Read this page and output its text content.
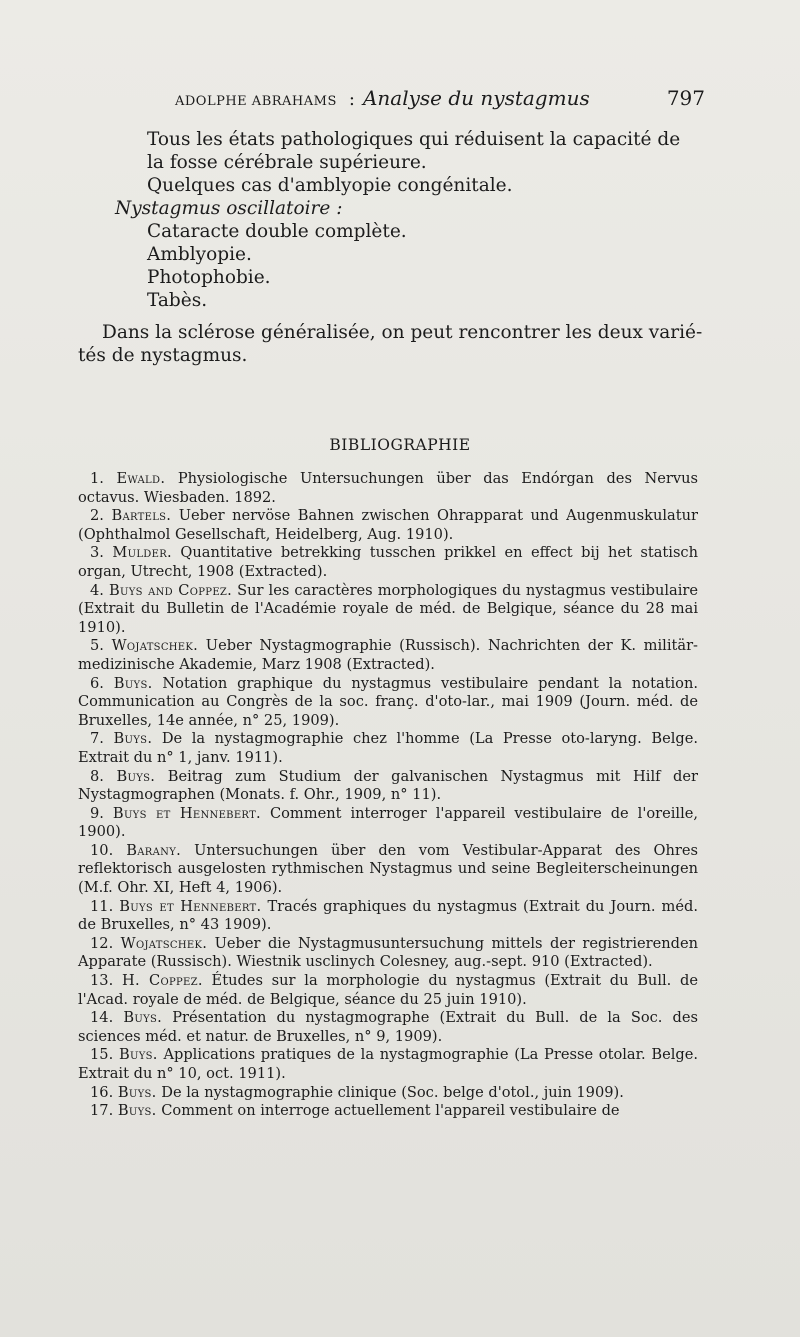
ADOLPHE ABRAHAMS : Analyse du nystagmus	797
Tous les états pathologiques qui réduisent la capacité de
la fosse cérébrale supérieure.
Quelques cas d'amblyopie congénitale.
Nystagmus oscillatoire :
Cataracte double complète.
Amblyopie.
Photophobie.
Tabès.
Dans la sclérose généralisée, on peut rencontrer les deux varié-
tés de nystagmus.
BIBLIOGRAPHIE

1. Ewald. Physiologische Untersuchungen über das Endórgan des Nervus octavus. Wiesbaden. 1892.

2. Bartels. Ueber nervöse Bahnen zwischen Ohrapparat und Augenmuskulatur (Ophthalmol Gesellschaft, Heidelberg, Aug. 1910).

3. Mulder. Quantitative betrekking tusschen prikkel en effect bij het statisch organ, Utrecht, 1908 (Extracted).

4. Buys and Coppez. Sur les caractères morphologiques du nystagmus vestibulaire (Extrait du Bulletin de l'Académie royale de méd. de Belgique, séance du 28 mai 1910).

5. Wojatschek. Ueber Nystagmographie (Russisch). Nachrichten der K. militär-medizinische Akademie, Marz 1908 (Extracted).

6. Buys. Notation graphique du nystagmus vestibulaire pendant la notation. Communication au Congrès de la soc. franç. d'oto-lar., mai 1909 (Journ. méd. de Bruxelles, 14e année, n° 25, 1909).

7. Buys. De la nystagmographie chez l'homme (La Presse oto-laryng. Belge. Extrait du n° 1, janv. 1911).

8. Buys. Beitrag zum Studium der galvanischen Nystagmus mit Hilf der Nystagmographen (Monats. f. Ohr., 1909, n° 11).

9. Buys et Hennebert. Comment interroger l'appareil vestibulaire de l'oreille, 1900).

10. Barany. Untersuchungen über den vom Vestibular-Apparat des Ohres reflektorisch ausgelosten rythmischen Nystagmus und seine Begleiterscheinungen (M.f. Ohr. XI, Heft 4, 1906).

11. Buys et Hennebert. Tracés graphiques du nystagmus (Extrait du Journ. méd. de Bruxelles, n° 43 1909).

12. Wojatschek. Ueber die Nystagmusuntersuchung mittels der registrierenden Apparate (Russisch). Wiestnik usclinych Colesney, aug.-sept. 910 (Extracted).

13. H. Coppez. Études sur la morphologie du nystagmus (Extrait du Bull. de l'Acad. royale de méd. de Belgique, séance du 25 juin 1910).

14. Buys. Présentation du nystagmographe (Extrait du Bull. de la Soc. des sciences méd. et natur. de Bruxelles, n° 9, 1909).

15. Buys. Applications pratiques de la nystagmographie (La Presse otolar. Belge. Extrait du n° 10, oct. 1911).

16. Buys. De la nystagmographie clinique (Soc. belge d'otol., juin 1909).

17. Buys. Comment on interroge actuellement l'appareil vestibulaire de
